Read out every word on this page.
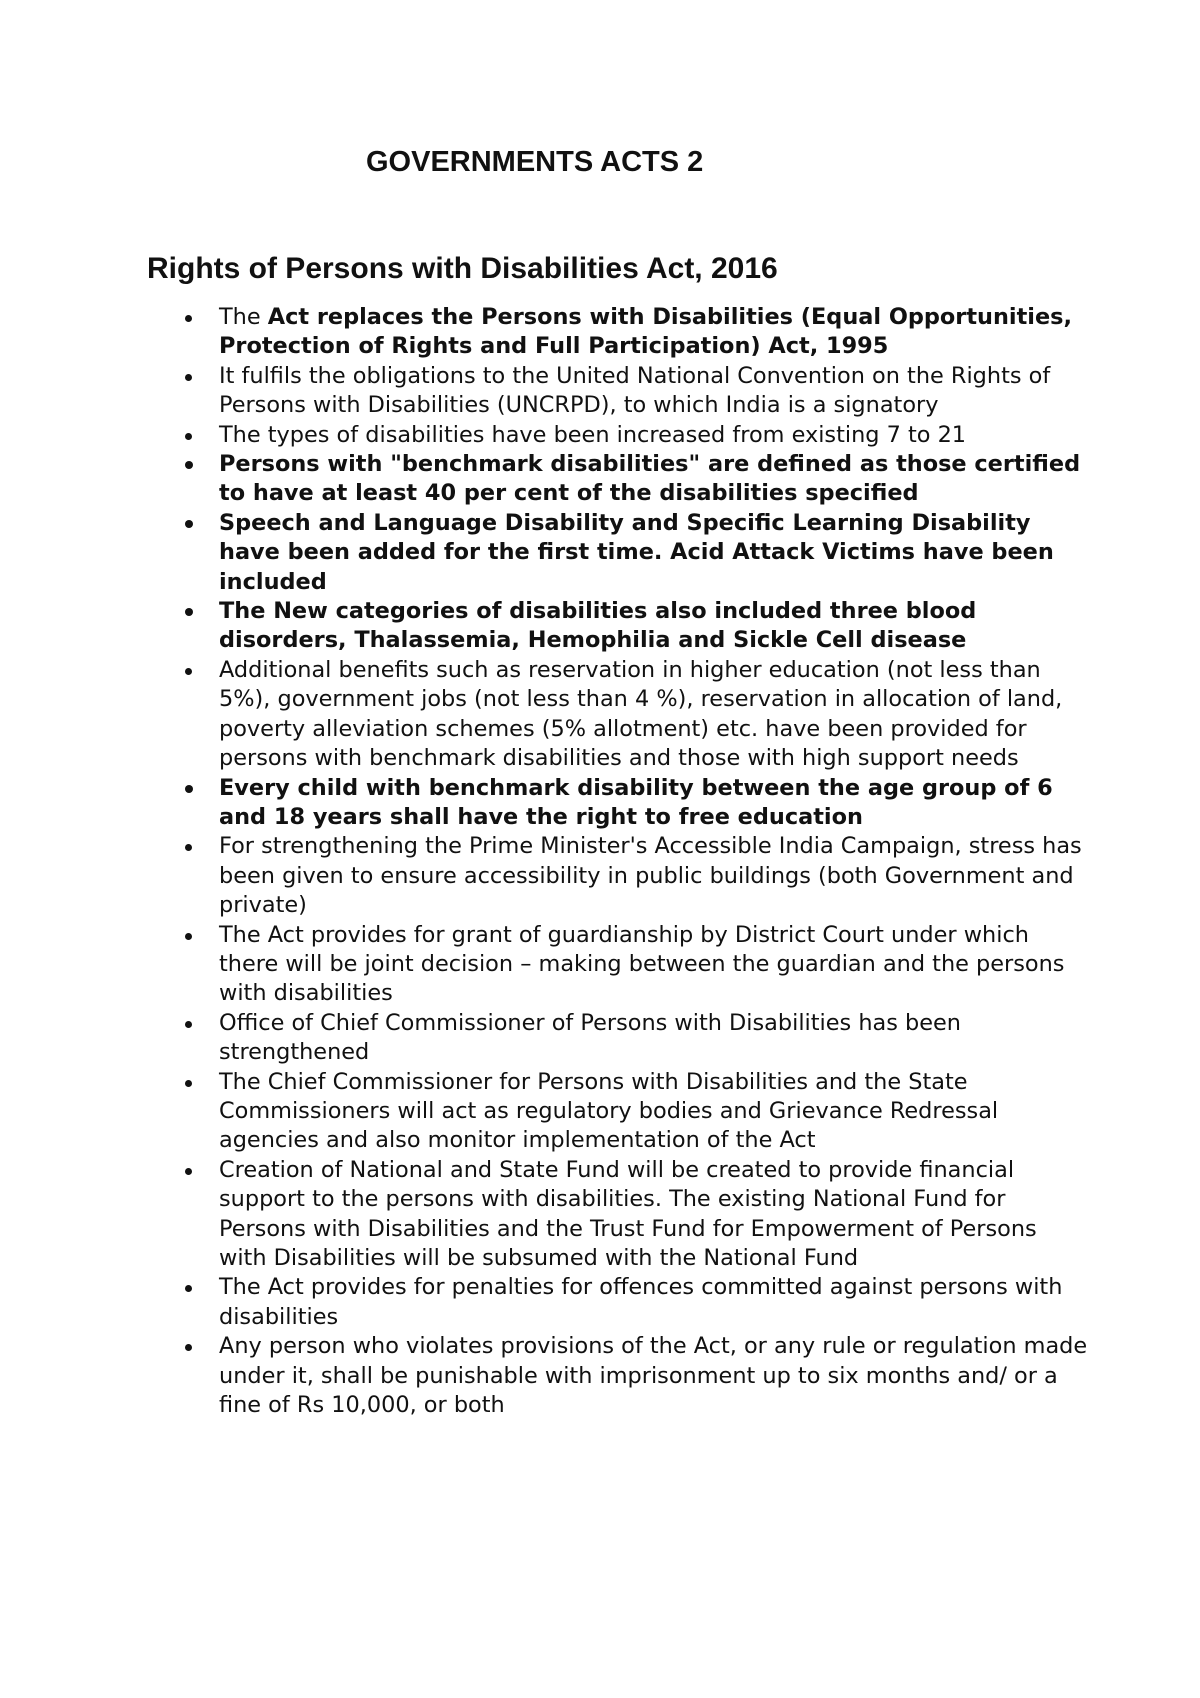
GOVERNMENTS ACTS 2
Rights of Persons with Disabilities Act, 2016
The Act replaces the Persons with Disabilities (Equal Opportunities, Protection of Rights and Full Participation) Act, 1995
It fulfils the obligations to the United National Convention on the Rights of Persons with Disabilities (UNCRPD), to which India is a signatory
The types of disabilities have been increased from existing 7 to 21
Persons with "benchmark disabilities" are defined as those certified to have at least 40 per cent of the disabilities specified
Speech and Language Disability and Specific Learning Disability have been added for the first time. Acid Attack Victims have been included
The New categories of disabilities also included three blood disorders, Thalassemia, Hemophilia and Sickle Cell disease
Additional benefits such as reservation in higher education (not less than 5%), government jobs (not less than 4 %), reservation in allocation of land, poverty alleviation schemes (5% allotment) etc. have been provided for persons with benchmark disabilities and those with high support needs
Every child with benchmark disability between the age group of 6 and 18 years shall have the right to free education
For strengthening the Prime Minister's Accessible India Campaign, stress has been given to ensure accessibility in public buildings (both Government and private)
The Act provides for grant of guardianship by District Court under which there will be joint decision – making between the guardian and the persons with disabilities
Office of Chief Commissioner of Persons with Disabilities has been strengthened
The Chief Commissioner for Persons with Disabilities and the State Commissioners will act as regulatory bodies and Grievance Redressal agencies and also monitor implementation of the Act
Creation of National and State Fund will be created to provide financial support to the persons with disabilities. The existing National Fund for Persons with Disabilities and the Trust Fund for Empowerment of Persons with Disabilities will be subsumed with the National Fund
The Act provides for penalties for offences committed against persons with disabilities
Any person who violates provisions of the Act, or any rule or regulation made under it, shall be punishable with imprisonment up to six months and/ or a fine of Rs 10,000, or both
